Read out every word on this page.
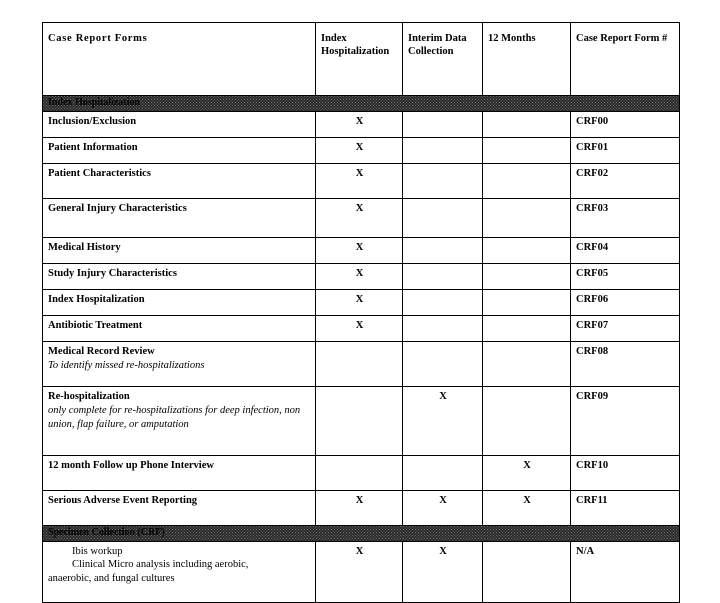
Case Report Forms	Index Hospitalization	Interim Data Collection	12 Months	Case Report Form #

Index Hospitalization				

Inclusion/Exclusion	X			CRF00
Patient Information	X			CRF01
Patient Characteristics	X			CRF02
General Injury Characteristics	X			CRF03
Medical History	X			CRF04
Study Injury Characteristics	X			CRF05
Index Hospitalization	X			CRF06
Antibiotic Treatment	X			CRF07
Medical Record Review
To identify missed re-hospitalizations				CRF08
Re-hospitalization
only complete for re-hospitalizations for deep infection, non union, flap failure, or amputation		X		CRF09
12 month Follow up Phone Interview			X	CRF10
Serious Adverse Event Reporting	X	X	X	CRF11

Specimen Collection (CRF)				

Ibis workup
Clinical Micro analysis including aerobic,
anaerobic, and fungal cultures	X	X		N/A
